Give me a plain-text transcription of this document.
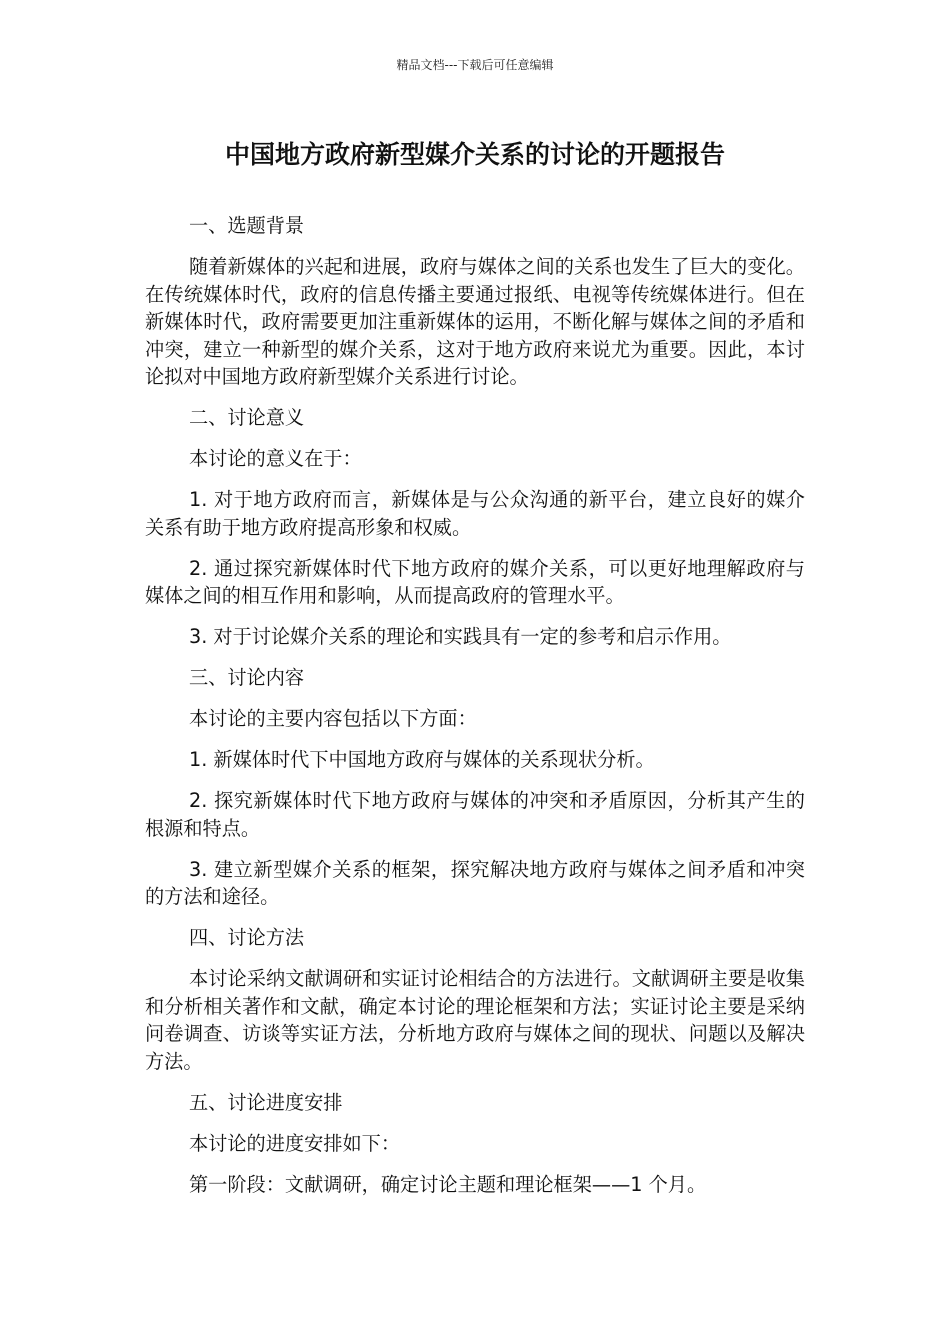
精品文档---下载后可任意编辑
中国地方政府新型媒介关系的讨论的开题报告

一、选题背景

随着新媒体的兴起和进展，政府与媒体之间的关系也发生了巨大的变化。在传统媒体时代，政府的信息传播主要通过报纸、电视等传统媒体进行。但在新媒体时代，政府需要更加注重新媒体的运用，不断化解与媒体之间的矛盾和冲突，建立一种新型的媒介关系，这对于地方政府来说尤为重要。因此，本讨论拟对中国地方政府新型媒介关系进行讨论。

二、讨论意义

本讨论的意义在于：

1. 对于地方政府而言，新媒体是与公众沟通的新平台，建立良好的媒介关系有助于地方政府提高形象和权威。

2. 通过探究新媒体时代下地方政府的媒介关系，可以更好地理解政府与媒体之间的相互作用和影响，从而提高政府的管理水平。

3. 对于讨论媒介关系的理论和实践具有一定的参考和启示作用。

三、讨论内容

本讨论的主要内容包括以下方面：

1. 新媒体时代下中国地方政府与媒体的关系现状分析。

2. 探究新媒体时代下地方政府与媒体的冲突和矛盾原因，分析其产生的根源和特点。

3. 建立新型媒介关系的框架，探究解决地方政府与媒体之间矛盾和冲突的方法和途径。

四、讨论方法

本讨论采纳文献调研和实证讨论相结合的方法进行。文献调研主要是收集和分析相关著作和文献，确定本讨论的理论框架和方法；实证讨论主要是采纳问卷调查、访谈等实证方法，分析地方政府与媒体之间的现状、问题以及解决方法。

五、讨论进度安排

本讨论的进度安排如下：

第一阶段：文献调研，确定讨论主题和理论框架——1 个月。
